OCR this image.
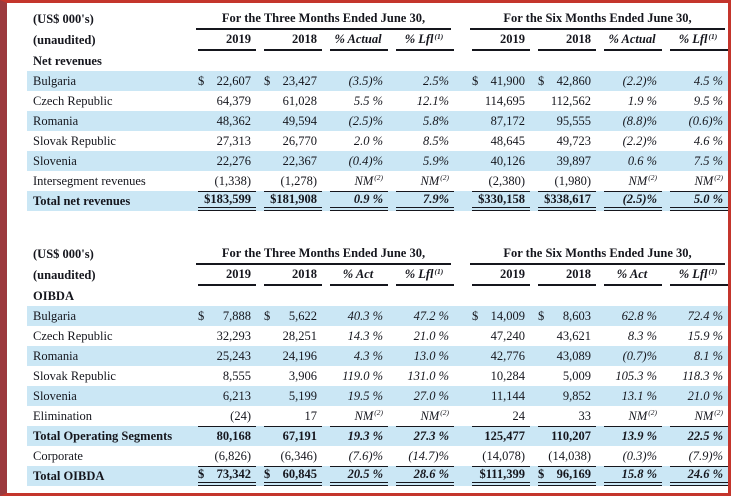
(US$ 000's)	For the Three Months Ended June 30,	For the Six Months Ended June 30,
(unaudited)	2019	2018	% Actual	% Lfl$^{(1)}$	2019	2018	% Actual	% Lfl$^{(1)}$
Net revenues
Bulgaria	$ 22,607 $ 23,427	(3.5)%	2.5%	$ 41,900 $ 42,860	(2.2)%	4.5 %
Czech Republic	64,379	61,028	5.5 %	12.1%	114,695	112,562	1.9 %	9.5 %
Romania	48,362	49,594	(2.5)%	5.8%	87,172	95,555	(8.8)%	(0.6)%
Slovak Republic	27,313	26,770	2.0 %	8.5%	48,645	49,723	(2.2)%	4.6 %
Slovenia	22,276	22,367	(0.4)%	5.9%	40,126	39,897	0.6 %	7.5 %
Intersegment revenues	(1,338)	(1,278)	NM$^{(2)}$	NM$^{(2)}$	(2,380)	(1,980)	NM$^{(2)}$	NM$^{(2)}$
Total net revenues	$183,599	$181,908	0.9 %	7.9%	$330,158	$338,617	(2.5)%	5.0 %
(US$ 000's)	For the Three Months Ended June 30,	For the Six Months Ended June 30,
(unaudited)	2019	2018	% Act	% Lfl$^{(1)}$	2019	2018	% Act	% Lfl$^{(1)}$
OIBDA
Bulgaria	$ 7,888 $ 5,622	40.3 %	47.2 %	$ 14,009 $ 8,603	62.8 %	72.4 %
Czech Republic	32,293	28,251	14.3 %	21.0 %	47,240	43,621	8.3 %	15.9 %
Romania	25,243	24,196	4.3 %	13.0 %	42,776	43,089	(0.7)%	8.1 %
Slovak Republic	8,555	3,906	119.0 %	131.0 %	10,284	5,009	105.3 %	118.3 %
Slovenia	6,213	5,199	19.5 %	27.0 %	11,144	9,852	13.1 %	21.0 %
Elimination	(24)	17	NM$^{(2)}$	NM$^{(2)}$	24	33	NM$^{(2)}$	NM$^{(2)}$
Total Operating Segments	80,168	67,191	19.3 %	27.3 %	125,477	110,207	13.9 %	22.5 %
Corporate	(6,826)	(6,346)	(7.6)%	(14.7)%	(14,078)	(14,038)	(0.3)%	(7.9)%
Total OIBDA	$ 73,342 $ 60,845	20.5 %	28.6 %	$111,399	$ 96,169	15.8 %	24.6 %
